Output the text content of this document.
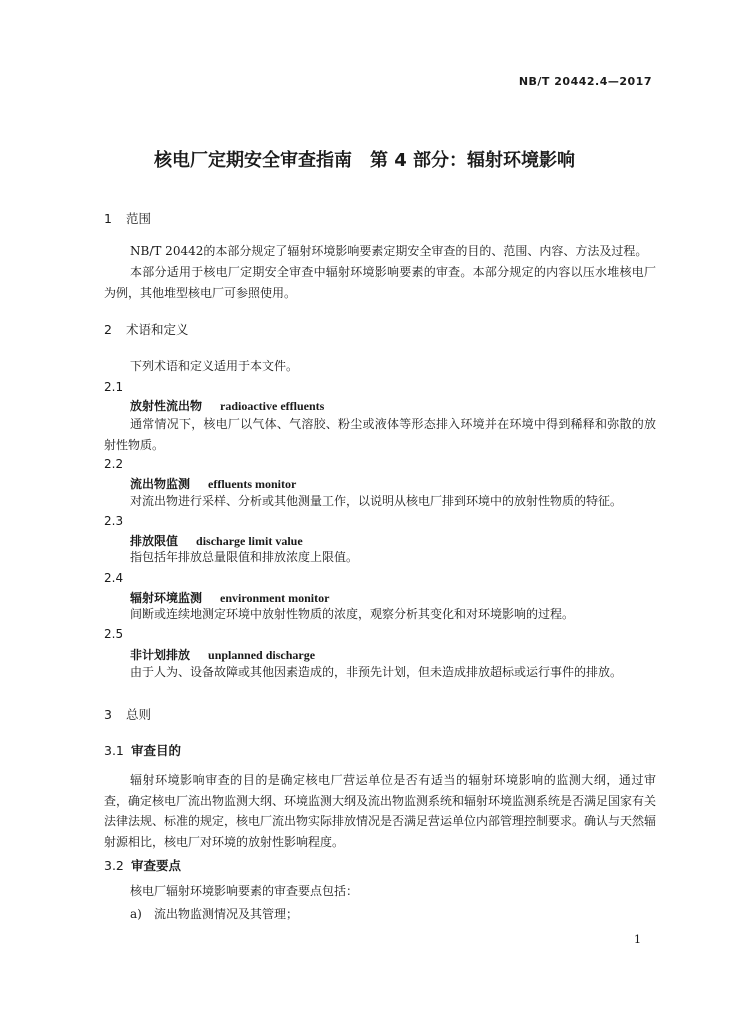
NB/T 20442.4—2017
核电厂定期安全审查指南　第 4 部分：辐射环境影响
1 范围
NB/T 20442的本部分规定了辐射环境影响要素定期安全审查的目的、范围、内容、方法及过程。
本部分适用于核电厂定期安全审查中辐射环境影响要素的审查。本部分规定的内容以压水堆核电厂为例，其他堆型核电厂可参照使用。
2 术语和定义
下列术语和定义适用于本文件。
2.1
放射性流出物 radioactive effluents
通常情况下，核电厂以气体、气溶胶、粉尘或液体等形态排入环境并在环境中得到稀释和弥散的放射性物质。
2.2
流出物监测 effluents monitor
对流出物进行采样、分析或其他测量工作，以说明从核电厂排到环境中的放射性物质的特征。
2.3
排放限值 discharge limit value
指包括年排放总量限值和排放浓度上限值。
2.4
辐射环境监测 environment monitor
间断或连续地测定环境中放射性物质的浓度，观察分析其变化和对环境影响的过程。
2.5
非计划排放 unplanned discharge
由于人为、设备故障或其他因素造成的，非预先计划，但未造成排放超标或运行事件的排放。
3 总则
3.1 审查目的
辐射环境影响审查的目的是确定核电厂营运单位是否有适当的辐射环境影响的监测大纲，通过审查，确定核电厂流出物监测大纲、环境监测大纲及流出物监测系统和辐射环境监测系统是否满足国家有关法律法规、标准的规定，核电厂流出物实际排放情况是否满足营运单位内部管理控制要求。确认与天然辐射源相比，核电厂对环境的放射性影响程度。
3.2 审查要点
核电厂辐射环境影响要素的审查要点包括：
a) 流出物监测情况及其管理；
1
